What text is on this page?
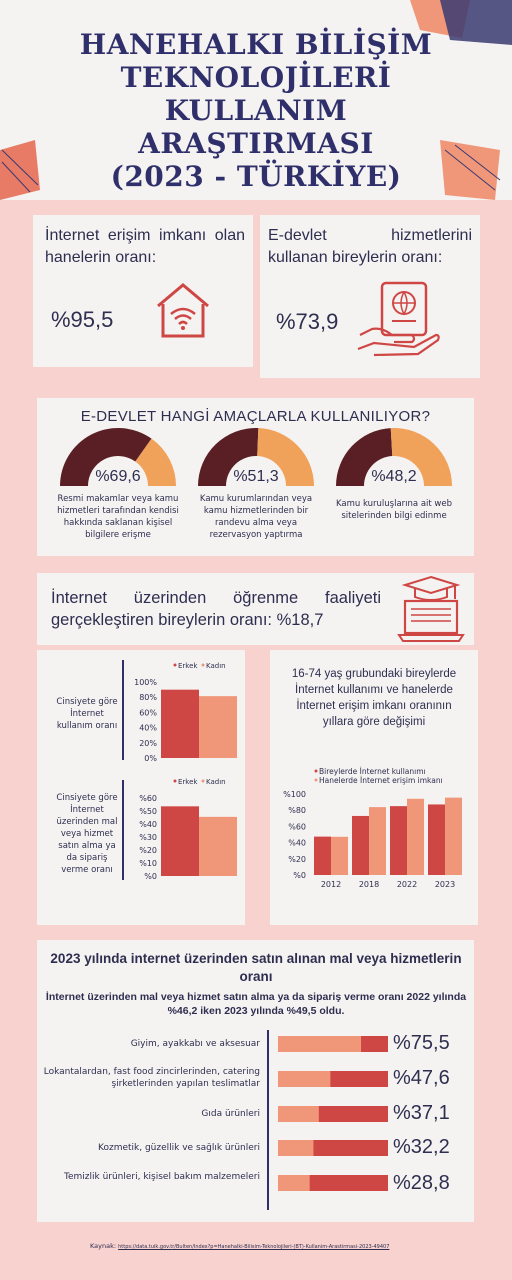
HANEHALKI BİLİŞİM
TEKNOLOJİLERİ KULLANIM
ARAŞTIRMASI
(2023 - TÜRKİYE)
İnternet erişim imkanı olan hanelerin oranı:
%95,5
E-devlet hizmetlerini kullanan bireylerin oranı:
%73,9
E-DEVLET HANGİ AMAÇLARLA KULLANILIYOR?
%69,6	%51,3	%48,2
Resmi makamlar veya kamu hizmetleri tarafından kendisi hakkında saklanan kişisel bilgilere erişme
Kamu kurumlarından veya kamu hizmetlerinden bir randevu alma veya rezervasyon yaptırma
Kamu kuruluşlarına ait web sitelerinden bilgi edinme
İnternet üzerinden öğrenme faaliyeti gerçekleştiren bireylerin oranı: %18,7
Cinsiyete göre İnternet kullanım oranı
Cinsiyete göre İnternet üzerinden mal veya hizmet satın alma ya da sipariş verme oranı
100%
80%
60%
40%
20%
0%
Erkek Kadın
%60
%50
%40
%30
%20
%10
%0
Erkek Kadın
16-74 yaş grubundaki bireylerde İnternet kullanımı ve hanelerde İnternet erişim imkanı oranının yıllara göre değişimi
Bireylerde İnternet kullanımı
Hanelerde İnternet erişim imkanı
%100
%80
%60
%40
%20
%0
2012 2018 2022 2023
2023 yılında internet üzerinden satın alınan mal veya hizmetlerin oranı
İnternet üzerinden mal veya hizmet satın alma ya da sipariş verme oranı 2022 yılında %46,2 iken 2023 yılında %49,5 oldu.
Giyim, ayakkabı ve aksesuar
Lokantalardan, fast food zincirlerinden, catering şirketlerinden yapılan teslimatlar
Gıda ürünleri
Kozmetik, güzellik ve sağlık ürünleri
Temizlik ürünleri, kişisel bakım malzemeleri
%75,5
%47,6
%37,1
%32,2
%28,8
Kaynak: https://data.tuik.gov.tr/Bulten/Index?p=Hanehalki-Bilisim-Teknolojileri-(BT)-Kullanim-Arastirmasi-2023-49407
